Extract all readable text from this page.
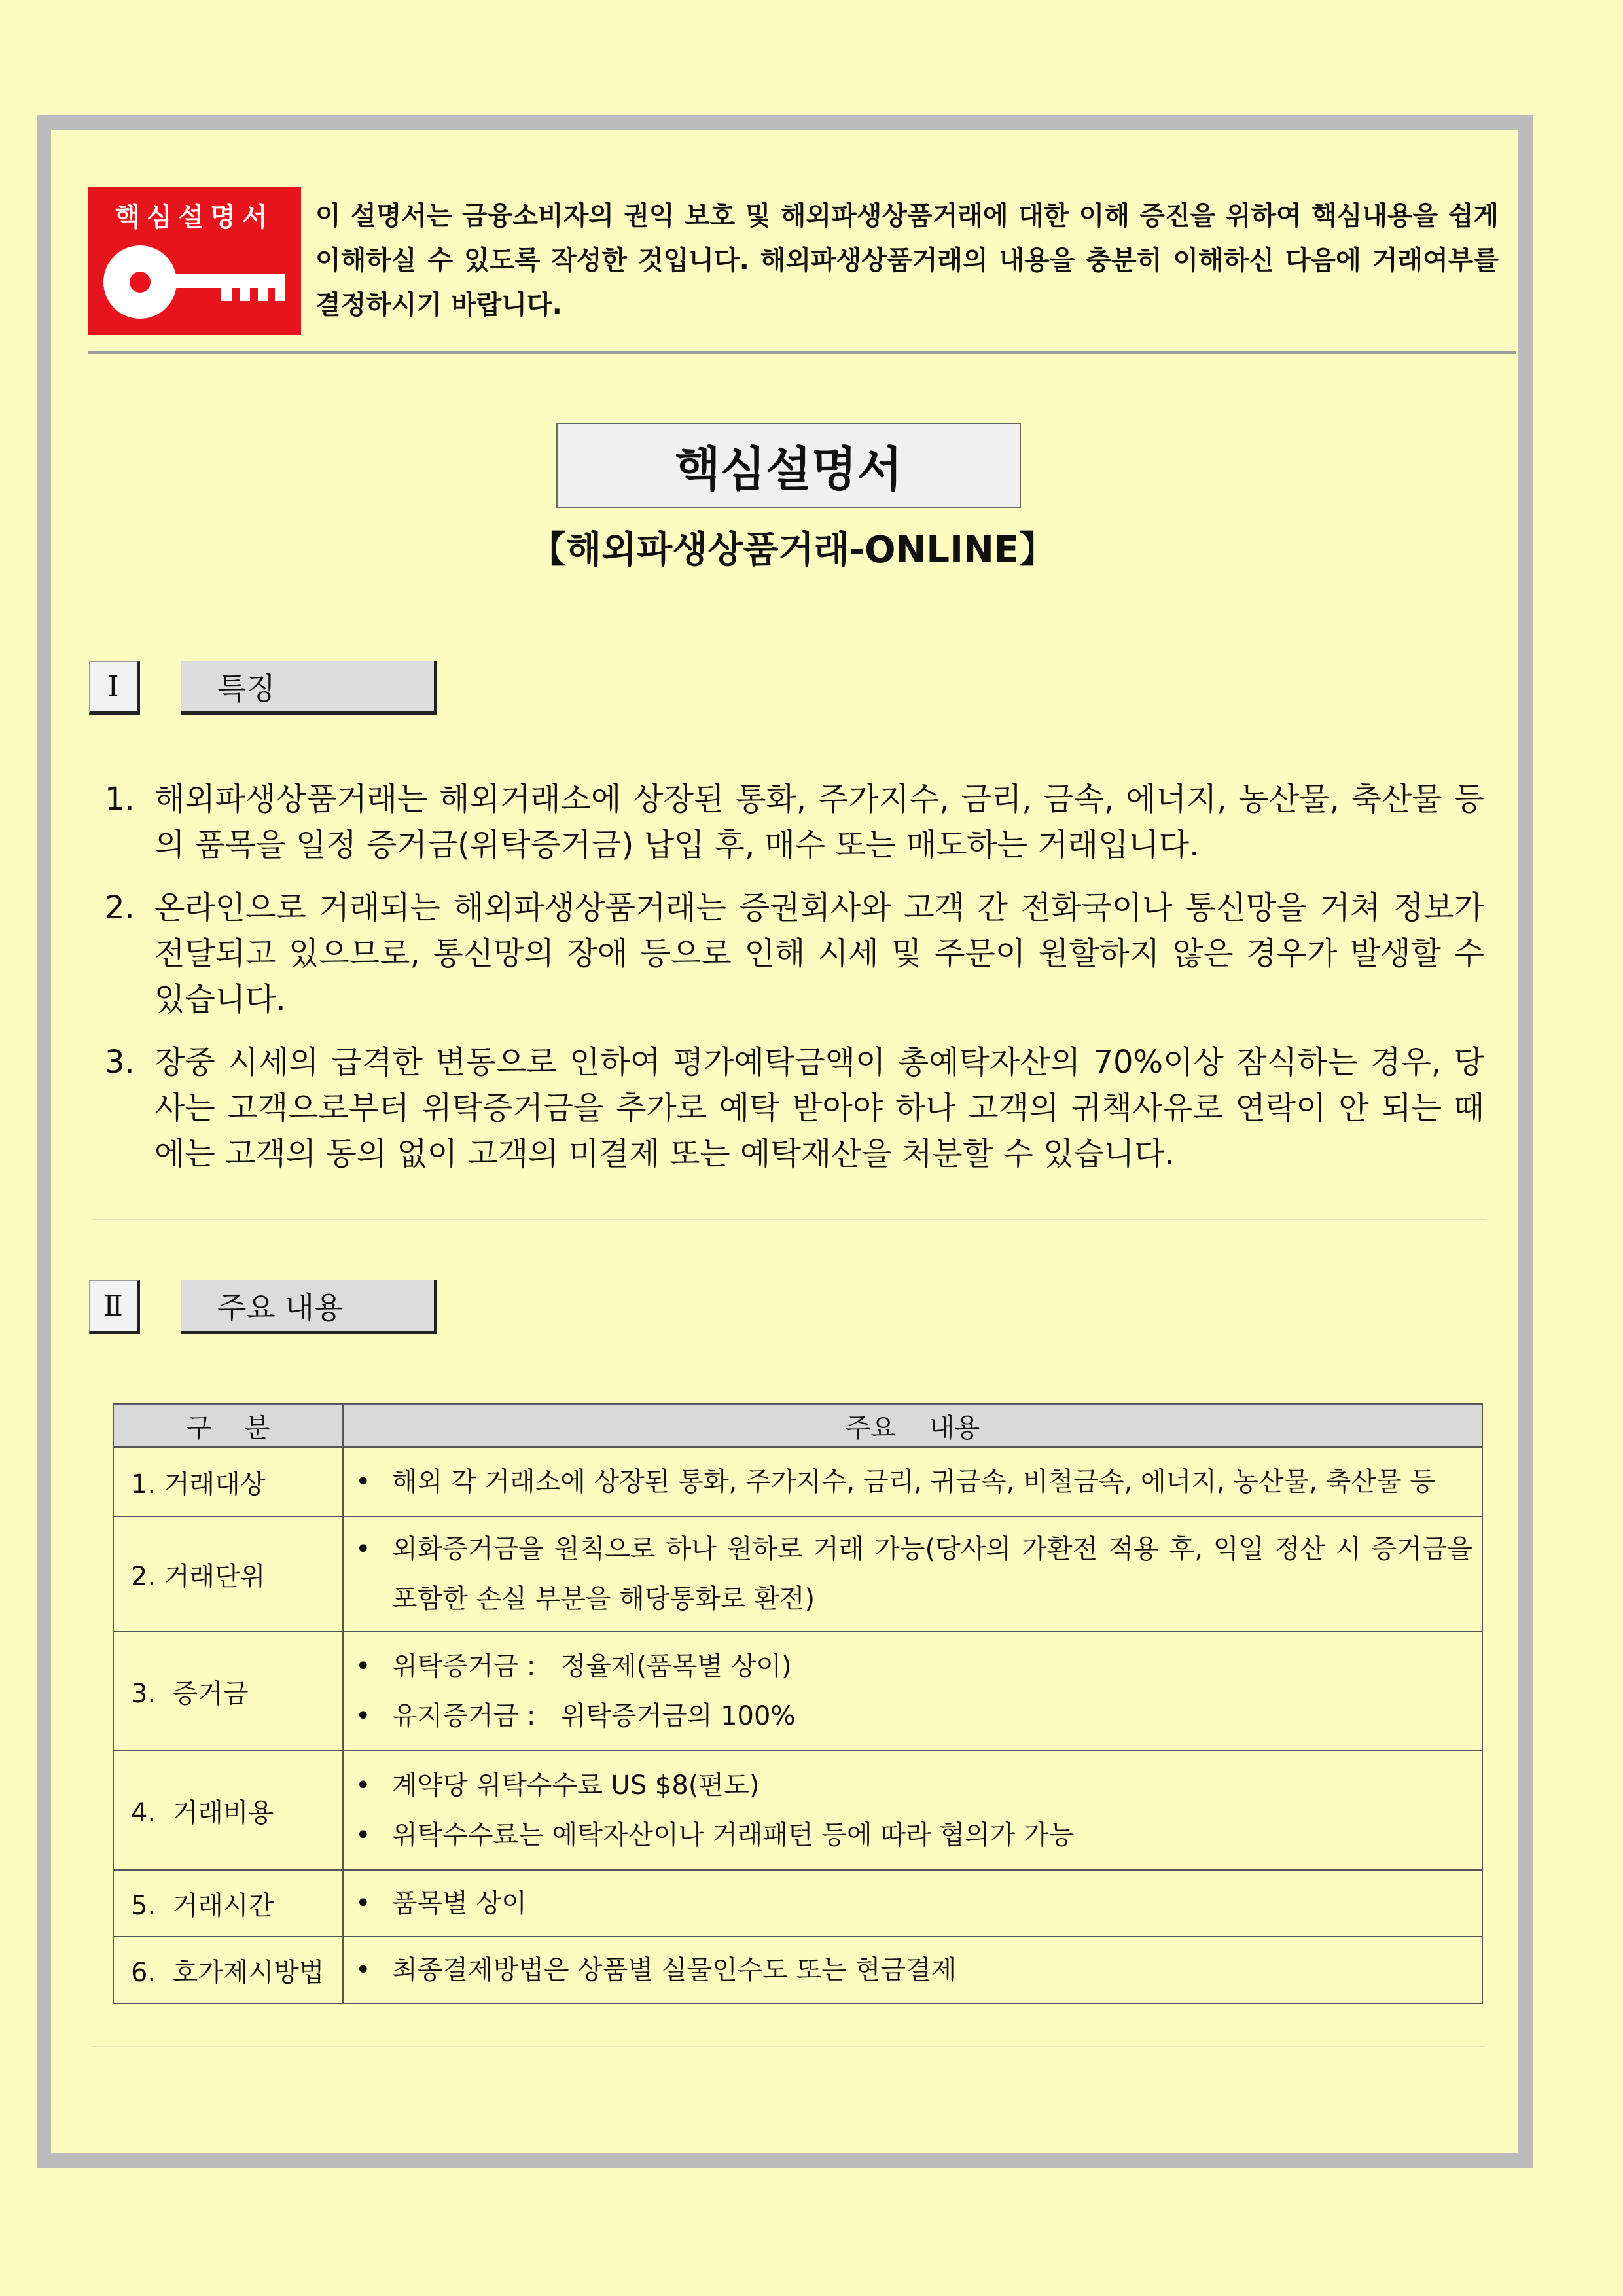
핵심설명서	이 설명서는 금융소비자의 권익 보호 및 해외파생상품거래에 대한 이해 증진을 위하여 핵심내용을 쉽게 이해하실 수 있도록 작성한 것입니다. 해외파생상품거래의 내용을 충분히 이해하신 다음에 거래여부를 결정하시기 바랍니다.
핵심설명서
【해외파생상품거래-ONLINE】
Ⅰ	특징
1. 해외파생상품거래는 해외거래소에 상장된 통화, 주가지수, 금리, 금속, 에너지, 농산물, 축산물 등의 품목을 일정 증거금(위탁증거금) 납입 후, 매수 또는 매도하는 거래입니다.
2. 온라인으로 거래되는 해외파생상품거래는 증권회사와 고객 간 전화국이나 통신망을 거쳐 정보가 전달되고 있으므로, 통신망의 장애 등으로 인해 시세 및 주문이 원할하지 않은 경우가 발생할 수 있습니다.
3. 장중 시세의 급격한 변동으로 인하여 평가예탁금액이 총예탁자산의 70%이상 잠식하는 경우, 당사는 고객으로부터 위탁증거금을 추가로 예탁 받아야 하나 고객의 귀책사유로 연락이 안 되는 때에는 고객의 동의 없이 고객의 미결제 또는 예탁재산을 처분할 수 있습니다.
Ⅱ	주요 내용
구    분	주요    내용
1. 거래대상	• 해외 각 거래소에 상장된 통화, 주가지수, 금리, 귀금속, 비철금속, 에너지, 농산물, 축산물 등

2. 거래단위	• 외화증거금을 원칙으로 하나 원하로 거래 가능(당사의 가환전 적용 후, 익일 정산 시 증거금을 포함한 손실 부분을 해당통화로 환전)

3.  증거금	• 위탁증거금 :   정율제(품목별 상이)
• 유지증거금 :   위탁증거금의 100%

4.  거래비용	• 계약당 위탁수수료 US $8(편도)
• 위탁수수료는 예탁자산이나 거래패턴 등에 따라 협의가 가능

5.  거래시간	• 품목별 상이

6.  호가제시방법	• 최종결제방법은 상품별 실물인수도 또는 현금결제
